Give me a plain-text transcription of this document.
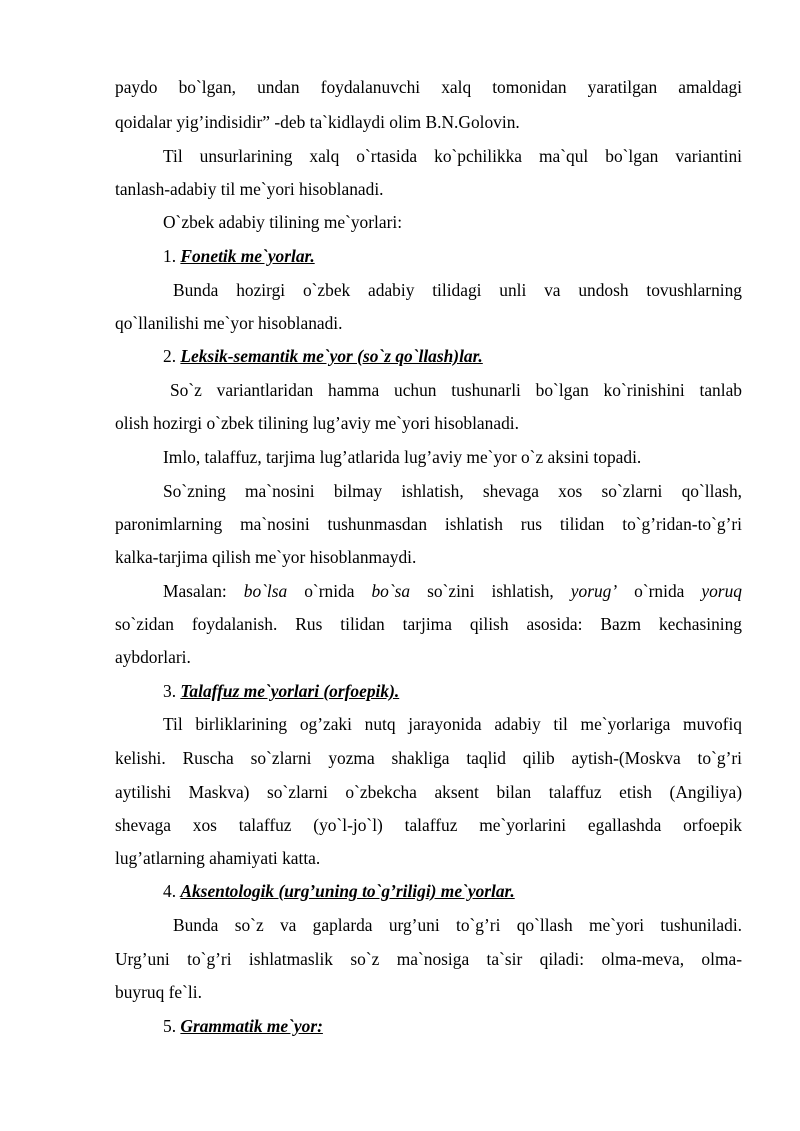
paydo bo`lgan, undan foydalanuvchi xalq tomonidan yaratilgan amaldagi
qoidalar yig’indisidir” -deb ta`kidlaydi olim B.N.Golovin.
Til unsurlarining xalq o`rtasida ko`pchilikka ma`qul bo`lgan variantini
tanlash-adabiy til me`yori hisoblanadi.
O`zbek adabiy tilining me`yorlari:
1. Fonetik me`yorlar.
Bunda hozirgi o`zbek adabiy tilidagi unli va undosh tovushlarning
qo`llanilishi me`yor hisoblanadi.
2. Leksik-semantik me`yor (so`z qo`llash)lar.
So`z variantlaridan hamma uchun tushunarli bo`lgan ko`rinishini tanlab
olish hozirgi o`zbek tilining lug’aviy me`yori hisoblanadi.
Imlo, talaffuz, tarjima lug’atlarida lug’aviy me`yor o`z aksini topadi.
So`zning ma`nosini bilmay ishlatish, shevaga xos so`zlarni qo`llash,
paronimlarning ma`nosini tushunmasdan ishlatish rus tilidan to`g’ridan-to`g’ri
kalka-tarjima qilish me`yor hisoblanmaydi.
Masalan: bo`lsa o`rnida bo`sa so`zini ishlatish, yorug’ o`rnida yoruq
so`zidan foydalanish. Rus tilidan tarjima qilish asosida: Bazm kechasining
aybdorlari.
3. Talaffuz me`yorlari (orfoepik).
Til birliklarining og’zaki nutq jarayonida adabiy til me`yorlariga muvofiq
kelishi. Ruscha so`zlarni yozma shakliga taqlid qilib aytish-(Moskva to`g’ri
aytilishi Maskva) so`zlarni o`zbekcha aksent bilan talaffuz etish (Angiliya)
shevaga xos talaffuz (yo`l-jo`l) talaffuz me`yorlarini egallashda orfoepik
lug’atlarning ahamiyati katta.
4. Aksentologik (urg’uning to`g’riligi) me`yorlar.
Bunda so`z va gaplarda urg’uni to`g’ri qo`llash me`yori tushuniladi.
Urg’uni to`g’ri ishlatmaslik so`z ma`nosiga ta`sir qiladi: olma-meva, olma-
buyruq fe`li.
5. Grammatik me`yor:
